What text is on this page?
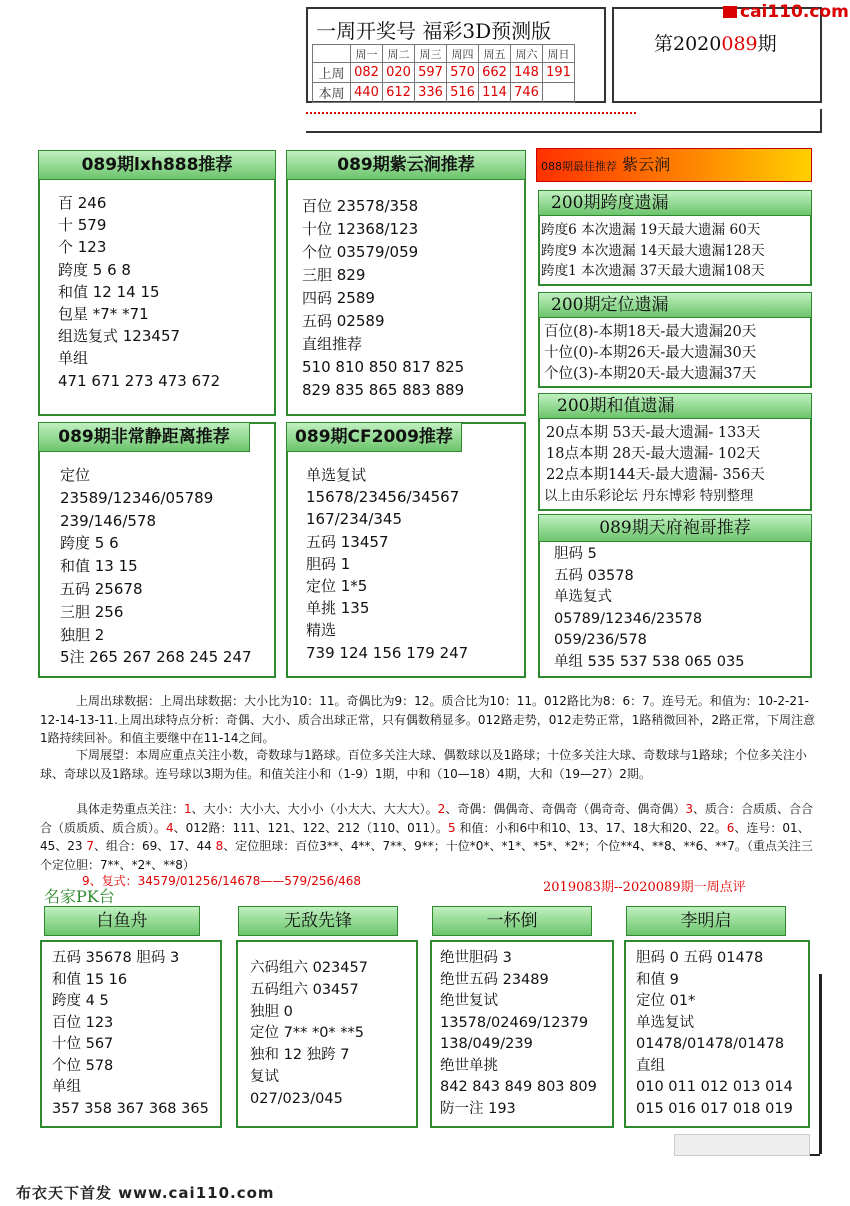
一周开奖号 福彩3D预测版
	周一	周二	周三	周四	周五	周六	周日
上周	082	020	597	570	662	148	191
本周	440	612	336	516	114	746	
第2020089期
cai110.com
089期lxh888推荐
百 246
十 579
个 123
跨度 5 6 8
和值 12 14 15
包星 *7* *71
组选复式 123457
单组
471 671 273 473 672
089期紫云涧推荐
百位 23578/358
十位 12368/123
个位 03579/059
三胆 829
四码 2589
五码 02589
直组推荐
510 810 850 817 825
829 835 865 883 889
089期非常静距离推荐
定位
23589/12346/05789
239/146/578
跨度 5 6
和值 13 15
五码 25678
三胆 256
独胆 2
5注 265 267 268 245 247
089期CF2009推荐
单选复试
15678/23456/34567
167/234/345
五码 13457
胆码 1
定位 1*5
单挑 135
精选
739 124 156 179 247
088期最佳推荐 紫云涧
200期跨度遗漏
跨度6 本次遗漏 19天最大遗漏 60天
跨度9 本次遗漏 14天最大遗漏128天
跨度1 本次遗漏 37天最大遗漏108天
200期定位遗漏
百位(8)-本期18天-最大遗漏20天
十位(0)-本期26天-最大遗漏30天
个位(3)-本期20天-最大遗漏37天
200期和值遗漏
20点本期 53天-最大遗漏- 133天
18点本期 28天-最大遗漏- 102天
22点本期144天-最大遗漏- 356天
以上由乐彩论坛 丹东博彩 特别整理
089期天府袍哥推荐
胆码 5
五码 03578
单选复式
05789/12346/23578
059/236/578
单组 535 537 538 065 035
上周出球数据：上周出球数据：大小比为10：11。奇偶比为9：12。质合比为10：11。012路比为8：6：7。连号无。和值为：10-2-21-12-14-13-11.上周出球特点分析：奇偶、大小、质合出球正常，只有偶数稍显多。012路走势，012走势正常，1路稍微回补，2路正常，下周注意1路持续回补。和值主要继中在11-14之间。
下周展望：本周应重点关注小数，奇数球与1路球。百位多关注大球、偶数球以及1路球；十位多关注大球、奇数球与1路球；个位多关注小球、奇球以及1路球。连号球以3期为佳。和值关注小和（1-9）1期，中和（10—18）4期，大和（19—27）2期。
具体走势重点关注：1、大小：大小大、大小小（小大大、大大大）。2、奇偶：偶偶奇、奇偶奇（偶奇奇、偶奇偶）3、质合：合质质、合合合（质质质、质合质）。4、012路：111、121、122、212（110、011）。5 和值：小和6中和10、13、17、18大和20、22。6、连号：01、45、23 7、组合：69、17、44 8、定位胆球：百位3**、4**、7**、9**；十位*0*、*1*、*5*、*2*；个位**4、**8、**6、**7。（重点关注三个定位胆：7**、*2*、**8）
9、复式：34579/01256/14678——579/256/468
名家PK台	2019083期--2020089期一周点评
白鱼舟
五码 35678 胆码 3
和值 15 16
跨度 4 5
百位 123
十位 567
个位 578
单组
357 358 367 368 365
无敌先锋
六码组六 023457
五码组六 03457
独胆 0
定位 7** *0* **5
独和 12 独跨 7
复试
027/023/045
一杯倒
绝世胆码 3
绝世五码 23489
绝世复试
13578/02469/12379
138/049/239
绝世单挑
842 843 849 803 809
防一注 193
李明启
胆码 0 五码 01478
和值 9
定位 01*
单选复试
01478/01478/01478
直组
010 011 012 013 014
015 016 017 018 019
布衣天下首发 www.cai110.com
